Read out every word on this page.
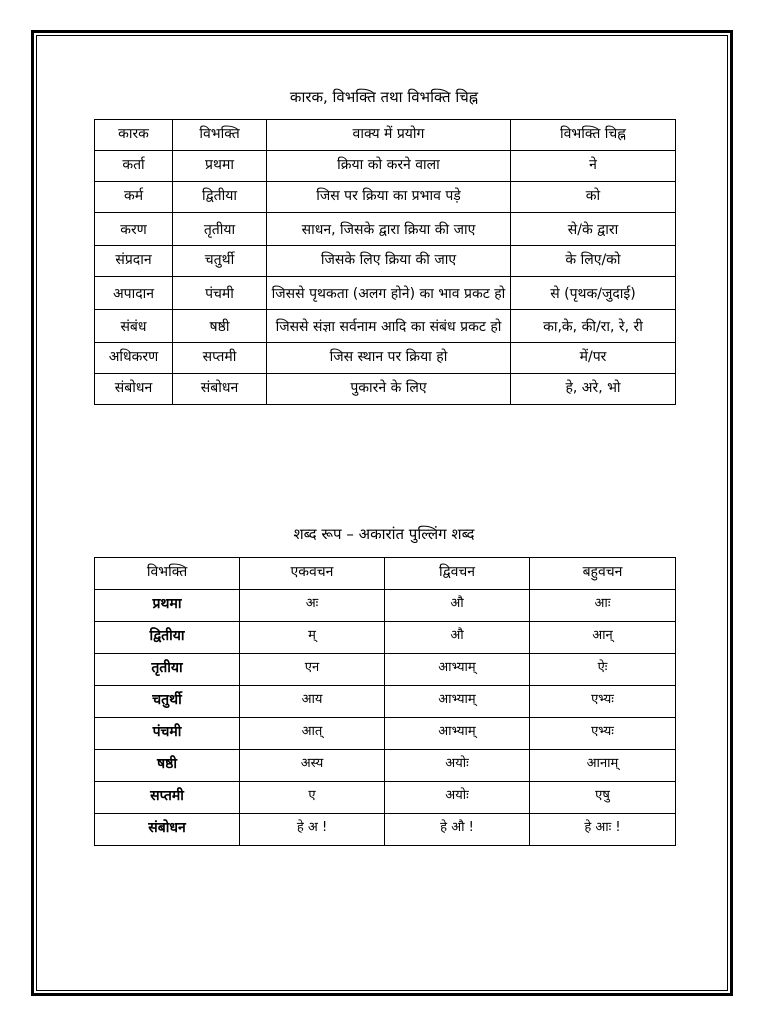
कारक, विभक्ति तथा विभक्ति चिह्न
कारक	विभक्ति	वाक्य में प्रयोग	विभक्ति चिह्न
कर्ता	प्रथमा	क्रिया को करने वाला	ने
कर्म	द्वितीया	जिस पर क्रिया का प्रभाव पड़े	को
करण	तृतीया	साधन, जिसके द्वारा क्रिया की जाए	से/के द्वारा
संप्रदान	चतुर्थी	जिसके लिए क्रिया की जाए	के लिए/को
अपादान	पंचमी	जिससे पृथकता (अलग होने) का भाव प्रकट हो	से (पृथक/जुदाई)
संबंध	षष्ठी	जिससे संज्ञा सर्वनाम आदि का संबंध प्रकट हो	का,के, की/रा, रे, री
अधिकरण	सप्तमी	जिस स्थान पर क्रिया हो	में/पर
संबोधन	संबोधन	पुकारने के लिए	हे, अरे, भो
शब्द रूप – अकारांत पुल्लिंग शब्द
विभक्ति	एकवचन	द्विवचन	बहुवचन
प्रथमा	अः	औ	आः
द्वितीया	म्	औ	आन्
तृतीया	एन	आभ्याम्	ऐः
चतुर्थी	आय	आभ्याम्	एभ्यः
पंचमी	आत्	आभ्याम्	एभ्यः
षष्ठी	अस्य	अयोः	आनाम्
सप्तमी	ए	अयोः	एषु
संबोधन	हे अ !	हे औ !	हे आः !
